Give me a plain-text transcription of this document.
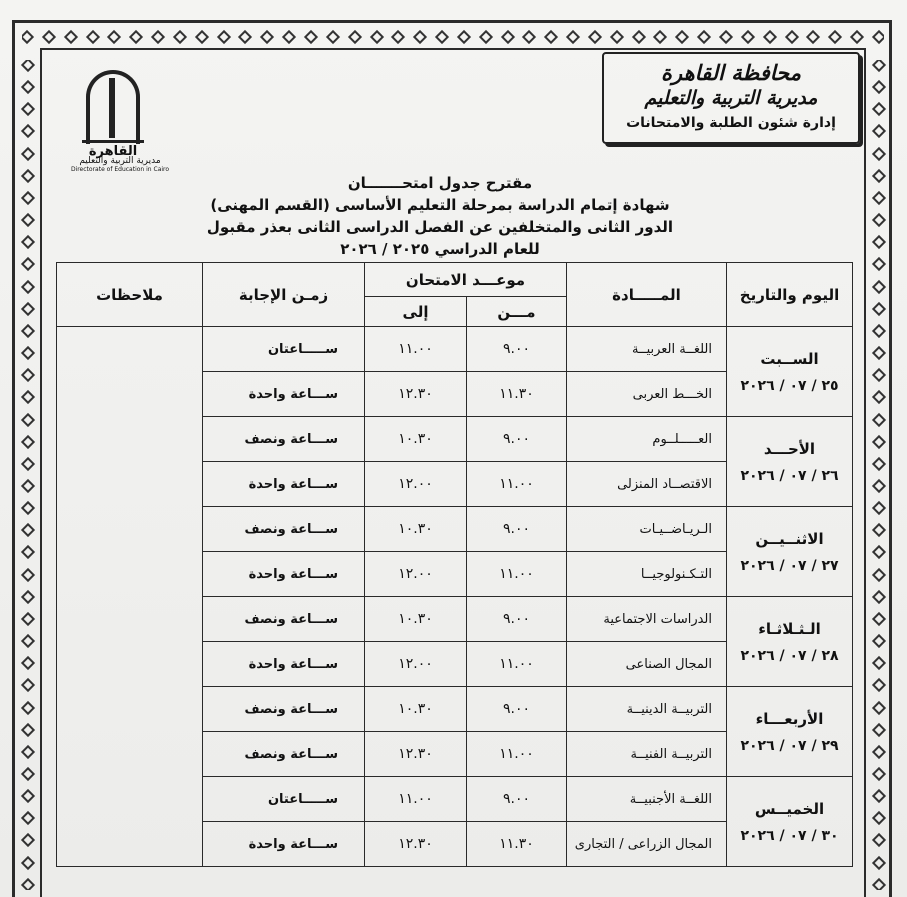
محافظة القاهرة
مديرية التربية والتعليم
إدارة شئون الطلبة والامتحانات
القاهرة
مديرية التربية والتعليم
Directorate of Education in Cairo
مقترح جدول امتحـــــــان
شهادة إتمام الدراسة بمرحلة التعليم الأساسى (القسم المهنى)
الدور الثانى والمتخلفين عن الفصل الدراسى الثانى بعذر مقبول
للعام الدراسي ٢٠٢٥ / ٢٠٢٦
اليوم والتاريخ	المـــــادة	موعـــد الامتحان		زمـن الإجابة	ملاحظات
		مـــن	إلى		

الســبت
٢٥ / ٠٧ / ٢٠٢٦	اللغــة العربيــة	٩.٠٠	١١.٠٠	ســـــاعتان	
	الخـــط العربى	١١.٣٠	١٢.٣٠	ســـاعة واحدة	

الأحـــد
٢٦ / ٠٧ / ٢٠٢٦	العـــــلــوم	٩.٠٠	١٠.٣٠	ســـاعة ونصف	
	الاقتصــاد المنزلى	١١.٠٠	١٢.٠٠	ســـاعة واحدة	

الاثنــيــن
٢٧ / ٠٧ / ٢٠٢٦	الـريـاضــيـات	٩.٠٠	١٠.٣٠	ســـاعة ونصف	
	التـكـنولوجيــا	١١.٠٠	١٢.٠٠	ســـاعة واحدة	

الـثـلاثـاء
٢٨ / ٠٧ / ٢٠٢٦	الدراسات الاجتماعية	٩.٠٠	١٠.٣٠	ســـاعة ونصف	
	المجال الصناعى	١١.٠٠	١٢.٠٠	ســـاعة واحدة	

الأربعـــاء
٢٩ / ٠٧ / ٢٠٢٦	التربيــة الدينيــة	٩.٠٠	١٠.٣٠	ســـاعة ونصف	
	التربيــة الفنيــة	١١.٠٠	١٢.٣٠	ســـاعة ونصف	

الخميــس
٣٠ / ٠٧ / ٢٠٢٦	اللغــة الأجنبيــة	٩.٠٠	١١.٠٠	ســـــاعتان	
	المجال الزراعى / التجارى	١١.٣٠	١٢.٣٠	ســـاعة واحدة	
